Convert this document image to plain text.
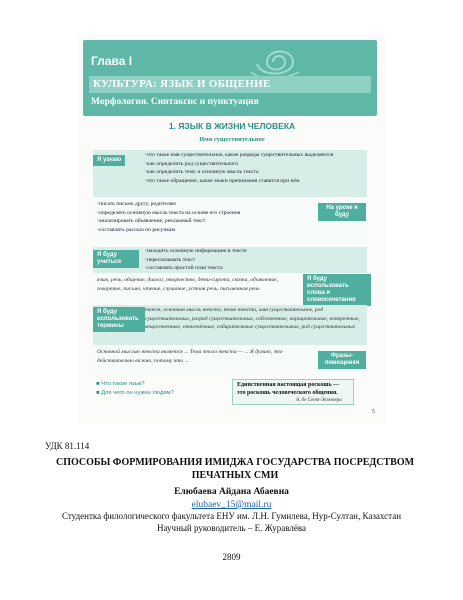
Глава I
КУЛЬТУРА: ЯЗЫК И ОБЩЕНИЕ
Морфология. Синтаксис и пунктуация
1. ЯЗЫК В ЖИЗНИ ЧЕЛОВЕКА
Имя существительное
Я узнаю
• что такое имя существительное, какие разряды существительных выделяются
• как определить род существительного
• как определить тему и основную мысль текста
• что такое обращение, какие знаки препинания ставятся при нём
• писать письмо другу, родителям
• определять основную мысль текста на основе его строения
• анализировать объявление, рекламный текст
• составлять рассказ по рисункам
На уроке я буду
Я буду учиться
• находить основную информацию в тексте
• пересказывать текст
• составлять простой план текста
язык, речь, общение, диалог, творчество, дети-сирота, сказка, объявление, говорение, письмо, чтение, слушание, устная речь, письменная речь
Я буду использовать слова и словосочетания
Я буду использовать термины
текст, основная мысль текста, тема текста, имя существительное, род существительных, разряд существительных, собственные, нарицательные, конкретные, вещественные, отвлечённые, собирательные существительные, род существительных
Основной мыслью текста является ... Тема этого текста — ... Я думаю, это действительно важно, потому что ...
Фразы-помощники
■ Что такое язык?
■ Для чего он нужен людям?
Единственная настоящая роскошь — это роскошь человеческого общения.
А. де Сент-Экзюпери
5
УДК 81.114
СПОСОБЫ ФОРМИРОВАНИЯ ИМИДЖА ГОСУДАРСТВА ПОСРЕДСТВОМ ПЕЧАТНЫХ СМИ
Елюбаева Айдана Абаевна
elubaev_15@mail.ru
Студентка филологического факультета ЕНУ им. Л.Н. Гумилева, Нур-Султан, Казахстан
Научный руководитель – Е. Журавлёва
2809
